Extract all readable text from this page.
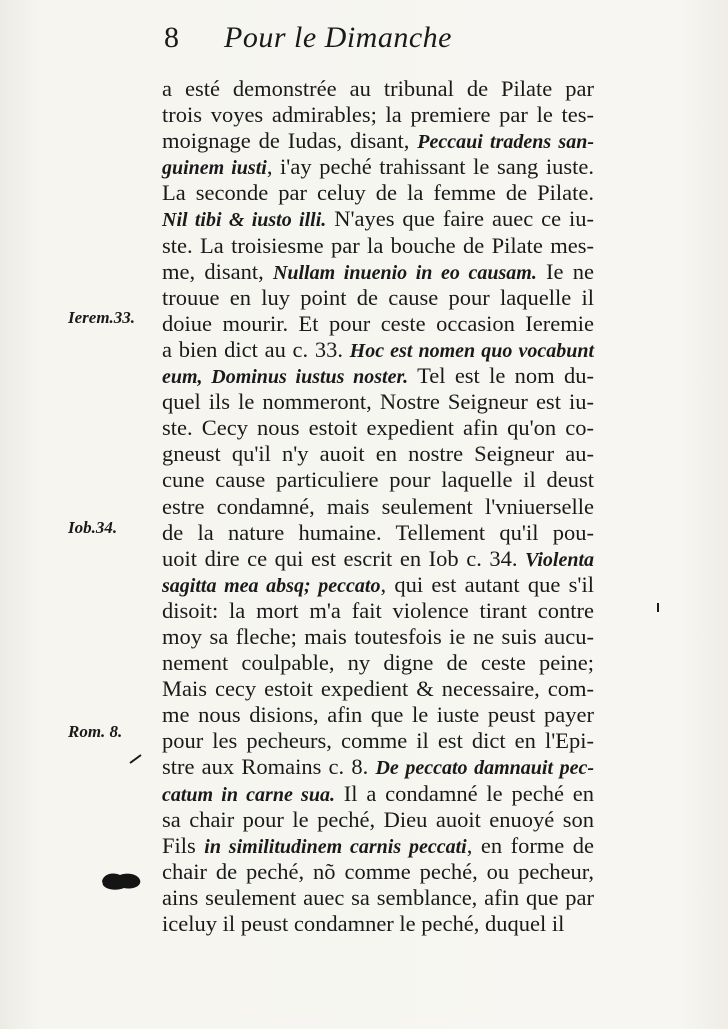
8 Pour le Dimanche
a esté demonstrée au tribunal de Pilate par
trois voyes admirables; la premiere par le tes-
moignage de Iudas, disant, Peccaui tradens san-
guinem iusti, i'ay peché trahissant le sang iuste.
La seconde par celuy de la femme de Pilate.
Nil tibi & iusto illi. N'ayes que faire auec ce iu-
ste. La troisiesme par la bouche de Pilate mes-
me, disant, Nullam inuenio in eo causam. Ie ne
trouue en luy point de cause pour laquelle il
doiue mourir. Et pour ceste occasion Ieremie
a bien dict au c. 33. Hoc est nomen quo vocabunt
eum, Dominus iustus noster. Tel est le nom du-
quel ils le nommeront, Nostre Seigneur est iu-
ste. Cecy nous estoit expedient afin qu'on co-
gneust qu'il n'y auoit en nostre Seigneur au-
cune cause particuliere pour laquelle il deust
estre condamné, mais seulement l'vniuerselle
de la nature humaine. Tellement qu'il pou-
uoit dire ce qui est escrit en Iob c. 34. Violenta
sagitta mea absq; peccato, qui est autant que s'il
disoit: la mort m'a fait violence tirant contre
moy sa fleche; mais toutesfois ie ne suis aucu-
nement coulpable, ny digne de ceste peine;
Mais cecy estoit expedient & necessaire, com-
me nous disions, afin que le iuste peust payer
pour les pecheurs, comme il est dict en l'Epi-
stre aux Romains c. 8. De peccato damnauit pec-
catum in carne sua. Il a condamné le peché en
sa chair pour le peché, Dieu auoit enuoyé son
Fils in similitudinem carnis peccati, en forme de
chair de peché, nõ comme peché, ou pecheur,
ains seulement auec sa semblance, afin que par
iceluy il peust condamner le peché, duquel il
Ierem.33.
Iob.34.
Rom. 8.
